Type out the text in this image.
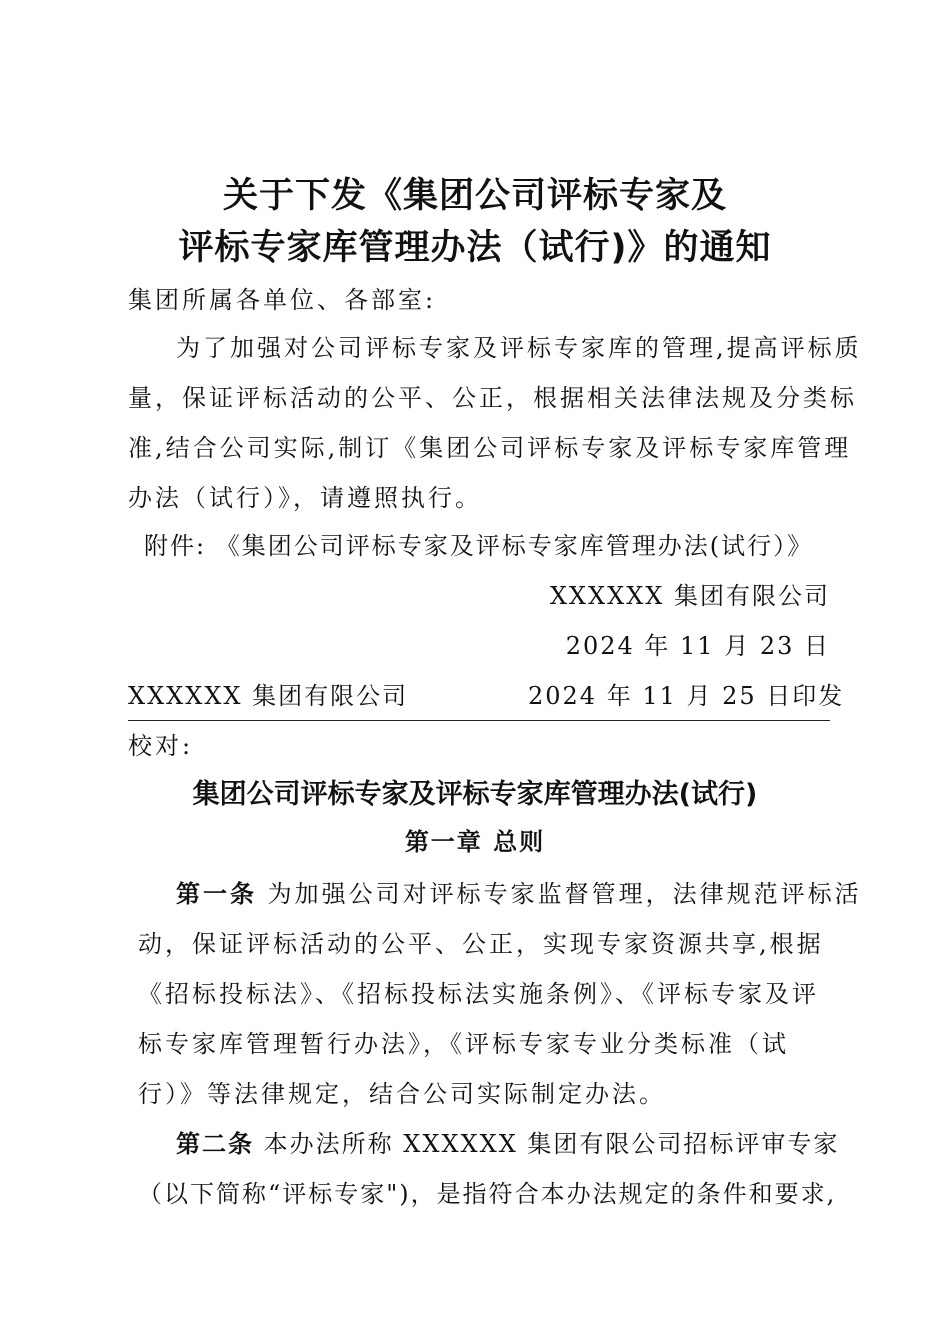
关于下发《集团公司评标专家及
评标专家库管理办法（试行)》的通知
集团所属各单位、各部室:
为了加强对公司评标专家及评标专家库的管理,提高评标质
量，保证评标活动的公平、公正，根据相关法律法规及分类标
准,结合公司实际,制订《集团公司评标专家及评标专家库管理
办法（试行）》，请遵照执行。
附件: 《集团公司评标专家及评标专家库管理办法(试行）》
XXXXXX 集团有限公司
2024 年 11 月 23 日
XXXXXX 集团有限公司	2024 年 11 月 25 日印发
校对:
集团公司评标专家及评标专家库管理办法(试行)
第一章 总则
第一条 为加强公司对评标专家监督管理，法律规范评标活
动，保证评标活动的公平、公正，实现专家资源共享,根据
《招标投标法》、《招标投标法实施条例》、《评标专家及评
标专家库管理暂行办法》，《评标专家专业分类标准（试
行）》等法律规定，结合公司实际制定办法。
第二条 本办法所称 XXXXXX 集团有限公司招标评审专家
（以下简称“评标专家")，是指符合本办法规定的条件和要求,
